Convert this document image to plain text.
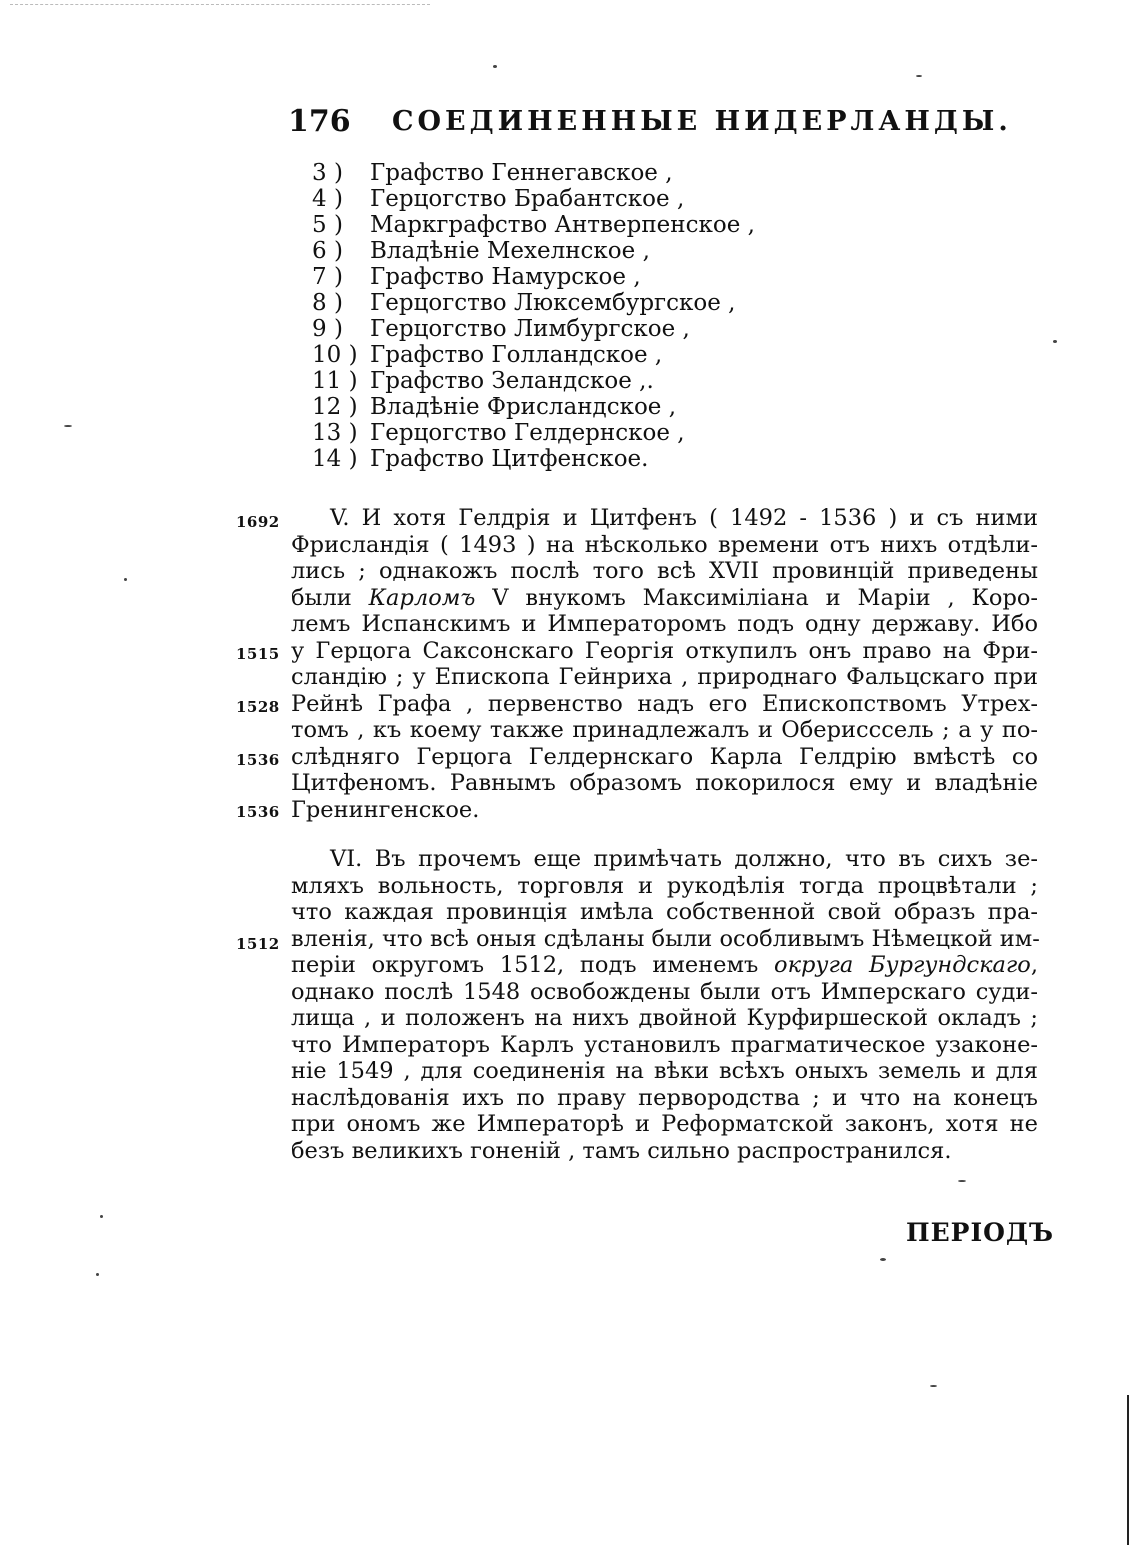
176 СОЕДИНЕННЫЕ НИДЕРЛАНДЫ.
3 ) Графство Геннегавское ,
4 ) Герцогство Брабантское ,
5 ) Маркграфство Антверпенское ,
6 ) Владѣніе Мехелнское ,
7 ) Графство Намурское ,
8 ) Герцогство Люксембургское ,
9 ) Герцогство Лимбургское ,
10 ) Графство Голландское ,
11 ) Графство Зеландское ,.
12 ) Владѣніе Фрисландское ,
13 ) Герцогство Гелдернское ,
14 ) Графство Цитфенское.
1692
1515
1528
1536
1536
1512
V. И хотя Гелдрія и Цитфенъ ( 1492 - 1536 ) и съ ними
Фрисландія ( 1493 ) на нѣсколько времени отъ нихъ отдѣли-
лись ; однакожъ послѣ того всѣ XVII провинцій приведены
были Карломъ V внукомъ Максиміліана и Маріи , Коро-
лемъ Испанскимъ и Императоромъ подъ одну державу. Ибо
у Герцога Саксонскаго Георгія откупилъ онъ право на Фри-
сландію ; у Епископа Гейнриха , природнаго Фальцскаго при
Рейнѣ Графа , первенство надъ его Епископствомъ Утрех-
томъ , къ коему также принадлежалъ и Оберисссель ; а у по-
слѣдняго Герцога Гелдернскаго Карла Гелдрію вмѣстѣ со
Цитфеномъ. Равнымъ образомъ покорилося ему и владѣніе
Гренингенское.
VI. Въ прочемъ еще примѣчать должно, что въ сихъ зе-
мляхъ вольность, торговля и рукодѣлія тогда процвѣтали ;
что каждая провинція имѣла собственной свой образъ пра-
вленія, что всѣ оныя сдѣланы были особливымъ Нѣмецкой им-
періи округомъ 1512, подъ именемъ округа Бургундскаго,
однако послѣ 1548 освобождены были отъ Имперскаго суди-
лища , и положенъ на нихъ двойной Курфиршеской окладъ ;
что Императоръ Карлъ установилъ прагматическое узаконе-
ніе 1549 , для соединенія на вѣки всѣхъ оныхъ земель и для
наслѣдованія ихъ по праву первородства ; и что на конецъ
при ономъ же Императорѣ и Реформатской законъ, хотя не
безъ великихъ гоненій , тамъ сильно распространился.
ПЕРІОДЪ
